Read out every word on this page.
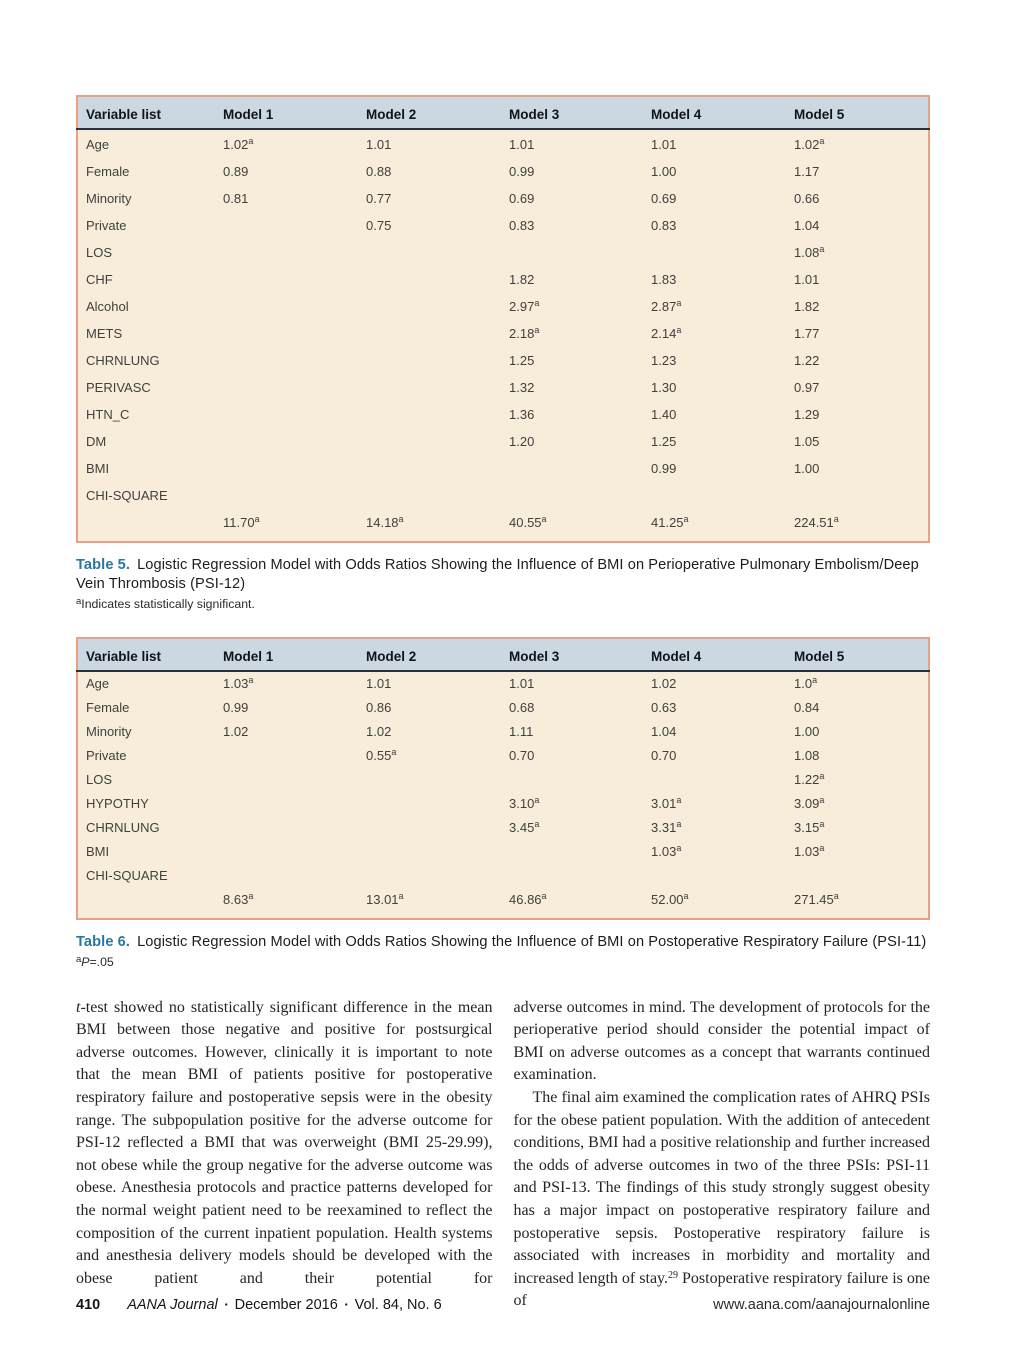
Variable list	Model 1	Model 2	Model 3	Model 4	Model 5
Age	1.02$^a$	1.01	1.01	1.01	1.02$^a$
Female	0.89	0.88	0.99	1.00	1.17
Minority	0.81	0.77	0.69	0.69	0.66
Private		0.75	0.83	0.83	1.04
LOS					1.08$^a$
CHF			1.82	1.83	1.01
Alcohol			2.97$^a$	2.87$^a$	1.82
METS			2.18$^a$	2.14$^a$	1.77
CHRNLUNG			1.25	1.23	1.22
PERIVASC			1.32	1.30	0.97
HTN_C			1.36	1.40	1.29
DM			1.20	1.25	1.05
BMI				0.99	1.00
CHI-SQUARE					
	11.70$^a$	14.18$^a$	40.55$^a$	41.25$^a$	224.51$^a$
Table 5. Logistic Regression Model with Odds Ratios Showing the Influence of BMI on Perioperative Pulmonary Embolism/Deep Vein Thrombosis (PSI-12)
$^a$Indicates statistically significant.
Variable list	Model 1	Model 2	Model 3	Model 4	Model 5
Age	1.03$^a$	1.01	1.01	1.02	1.0$^a$
Female	0.99	0.86	0.68	0.63	0.84
Minority	1.02	1.02	1.11	1.04	1.00
Private		0.55$^a$	0.70	0.70	1.08
LOS					1.22$^a$
HYPOTHY			3.10$^a$	3.01$^a$	3.09$^a$
CHRNLUNG			3.45$^a$	3.31$^a$	3.15$^a$
BMI				1.03$^a$	1.03$^a$
CHI-SQUARE					
	8.63$^a$	13.01$^a$	46.86$^a$	52.00$^a$	271.45$^a$
Table 6. Logistic Regression Model with Odds Ratios Showing the Influence of BMI on Postoperative Respiratory Failure (PSI-11)
$^a$P=.05

t-test showed no statistically significant difference in the mean BMI between those negative and positive for postsurgical adverse outcomes. However, clinically it is important to note that the mean BMI of patients positive for postoperative respiratory failure and postoperative sepsis were in the obesity range. The subpopulation positive for the adverse outcome for PSI-12 reflected a BMI that was overweight (BMI 25-29.99), not obese while the group negative for the adverse outcome was obese. Anesthesia protocols and practice patterns developed for the normal weight patient need to be reexamined to reflect the composition of the current inpatient population. Health systems and anesthesia delivery models should be developed with the obese patient and their potential for

adverse outcomes in mind. The development of protocols for the perioperative period should consider the potential impact of BMI on adverse outcomes as a concept that warrants continued examination.

The final aim examined the complication rates of AHRQ PSIs for the obese patient population. With the addition of antecedent conditions, BMI had a positive relationship and further increased the odds of adverse outcomes in two of the three PSIs: PSI-11 and PSI-13. The findings of this study strongly suggest obesity has a major impact on postoperative respiratory failure and postoperative sepsis. Postoperative respiratory failure is associated with increases in morbidity and mortality and increased length of stay.$^{29}$ Postoperative respiratory failure is one of

410 AANA Journal ▪ December 2016 ▪ Vol. 84, No. 6	www.aana.com/aanajournalonline
